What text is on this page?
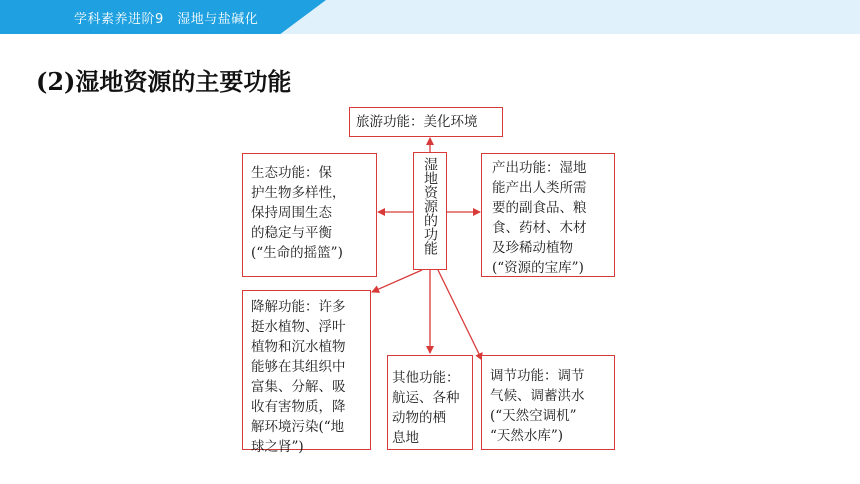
学科素养进阶9　湿地与盐碱化
(2)湿地资源的主要功能
旅游功能：美化环境
湿地资源的功能
生态功能：保
护生物多样性，
保持周围生态
的稳定与平衡
(“生命的摇篮”)
产出功能：湿地
能产出人类所需
要的副食品、粮
食、药材、木材
及珍稀动植物
(“资源的宝库”)
降解功能：许多
挺水植物、浮叶
植物和沉水植物
能够在其组织中
富集、分解、吸
收有害物质，降
解环境污染(“地
球之肾”)
其他功能：
航运、各种
动物的栖
息地
调节功能：调节
气候、调蓄洪水
(“天然空调机”
“天然水库”)
